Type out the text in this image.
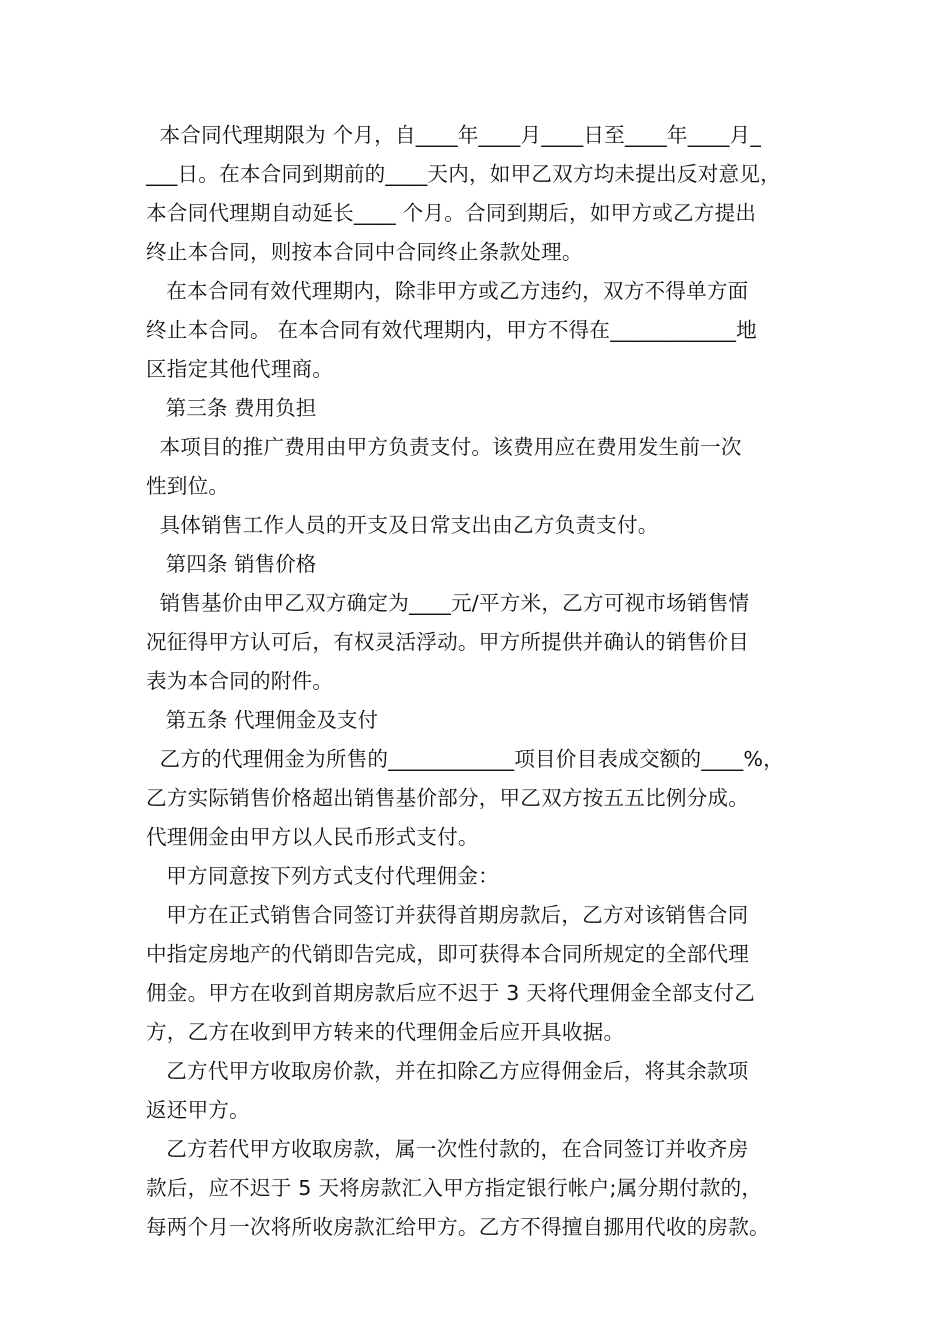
本合同代理期限为 个月，自____年____月____日至____年____月_
___日。在本合同到期前的____天内，如甲乙双方均未提出反对意见，
本合同代理期自动延长____ 个月。合同到期后，如甲方或乙方提出
终止本合同，则按本合同中合同终止条款处理。

在本合同有效代理期内，除非甲方或乙方违约，双方不得单方面
终止本合同。 在本合同有效代理期内，甲方不得在____________地
区指定其他代理商。

第三条 费用负担

本项目的推广费用由甲方负责支付。该费用应在费用发生前一次
性到位。

具体销售工作人员的开支及日常支出由乙方负责支付。

第四条 销售价格

销售基价由甲乙双方确定为____元/平方米，乙方可视市场销售情
况征得甲方认可后，有权灵活浮动。甲方所提供并确认的销售价目
表为本合同的附件。

第五条 代理佣金及支付

乙方的代理佣金为所售的____________项目价目表成交额的____%，
乙方实际销售价格超出销售基价部分，甲乙双方按五五比例分成。
代理佣金由甲方以人民币形式支付。

甲方同意按下列方式支付代理佣金：

甲方在正式销售合同签订并获得首期房款后，乙方对该销售合同
中指定房地产的代销即告完成，即可获得本合同所规定的全部代理
佣金。甲方在收到首期房款后应不迟于 3 天将代理佣金全部支付乙
方，乙方在收到甲方转来的代理佣金后应开具收据。

乙方代甲方收取房价款，并在扣除乙方应得佣金后，将其余款项
返还甲方。

乙方若代甲方收取房款，属一次性付款的，在合同签订并收齐房
款后，应不迟于 5 天将房款汇入甲方指定银行帐户;属分期付款的，
每两个月一次将所收房款汇给甲方。乙方不得擅自挪用代收的房款。
